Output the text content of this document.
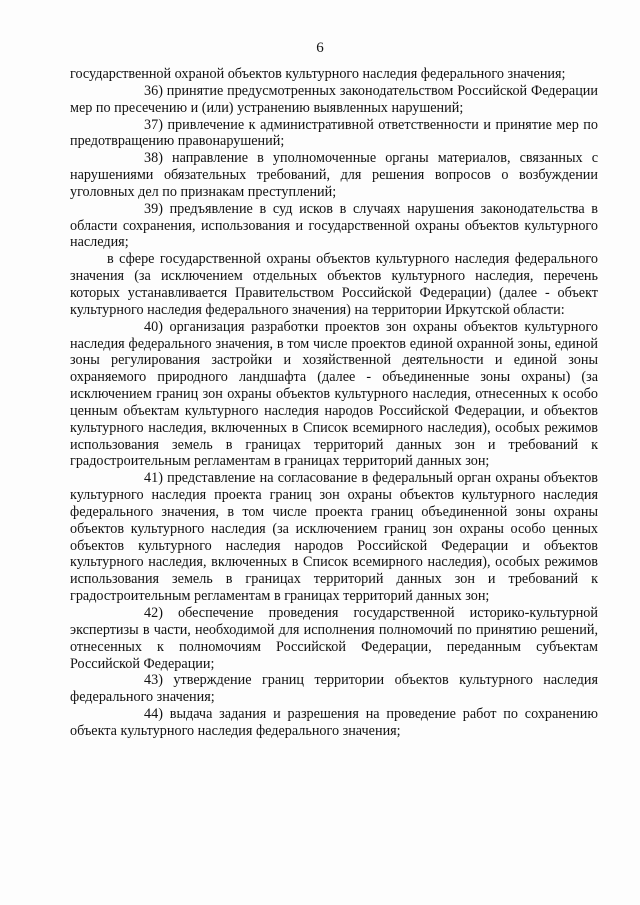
6

государственной охраной объектов культурного наследия федерального значения;

36) принятие предусмотренных законодательством Российской Федерации мер по пресечению и (или) устранению выявленных нарушений;

37) привлечение к административной ответственности и принятие мер по предотвращению правонарушений;

38) направление в уполномоченные органы материалов, связанных с нарушениями обязательных требований, для решения вопросов о возбуждении уголовных дел по признакам преступлений;

39) предъявление в суд исков в случаях нарушения законодательства в области сохранения, использования и государственной охраны объектов культурного наследия;

в сфере государственной охраны объектов культурного наследия федерального значения (за исключением отдельных объектов культурного наследия, перечень которых устанавливается Правительством Российской Федерации) (далее - объект культурного наследия федерального значения) на территории Иркутской области:

40) организация разработки проектов зон охраны объектов культурного наследия федерального значения, в том числе проектов единой охранной зоны, единой зоны регулирования застройки и хозяйственной деятельности и единой зоны охраняемого природного ландшафта (далее - объединенные зоны охраны) (за исключением границ зон охраны объектов культурного наследия, отнесенных к особо ценным объектам культурного наследия народов Российской Федерации, и объектов культурного наследия, включенных в Список всемирного наследия), особых режимов использования земель в границах территорий данных зон и требований к градостроительным регламентам в границах территорий данных зон;

41) представление на согласование в федеральный орган охраны объектов культурного наследия проекта границ зон охраны объектов культурного наследия федерального значения, в том числе проекта границ объединенной зоны охраны объектов культурного наследия (за исключением границ зон охраны особо ценных объектов культурного наследия народов Российской Федерации и объектов культурного наследия, включенных в Список всемирного наследия), особых режимов использования земель в границах территорий данных зон и требований к градостроительным регламентам в границах территорий данных зон;

42) обеспечение проведения государственной историко-культурной экспертизы в части, необходимой для исполнения полномочий по принятию решений, отнесенных к полномочиям Российской Федерации, переданным субъектам Российской Федерации;

43) утверждение границ территории объектов культурного наследия федерального значения;

44) выдача задания и разрешения на проведение работ по сохранению объекта культурного наследия федерального значения;
